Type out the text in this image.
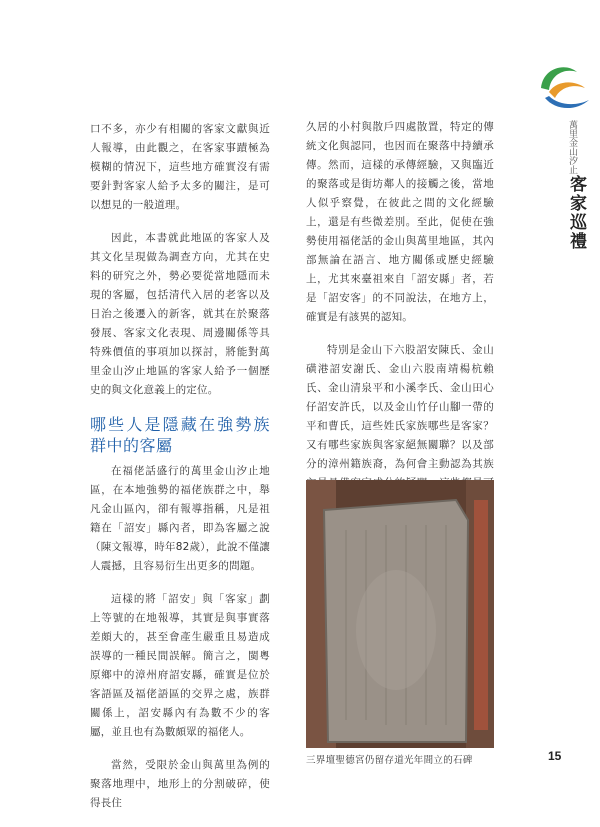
萬里金山汐止
客家巡禮

口不多，亦少有相關的客家文獻與近人報導，由此觀之，在客家事蹟極為模糊的情況下，這些地方確實沒有需要針對客家人給予太多的關注，是可以想見的一般道理。

因此，本書就此地區的客家人及其文化呈現做為調查方向，尤其在史料的研究之外，勢必要從當地隱而未現的客屬，包括清代入居的老客以及日治之後遷入的新客，就其在於聚落發展、客家文化表現、周邊關係等具特殊價值的事項加以探討，將能對萬里金山汐止地區的客家人給予一個歷史的與文化意義上的定位。

哪些人是隱藏在強勢族群中的客屬

在福佬話盛行的萬里金山汐止地區，在本地強勢的福佬族群之中，舉凡金山區內，卻有報導指稱，凡是祖籍在「詔安」縣內者，即為客屬之說（陳文報導，時年82歲），此說不僅讓人震撼，且容易衍生出更多的問題。

這樣的將「詔安」與「客家」劃上等號的在地報導，其實是與事實落差頗大的，甚至會產生嚴重且易造成誤導的一種民間誤解。簡言之，閩粵原鄉中的漳州府詔安縣，確實是位於客語區及福佬語區的交界之處，族群關係上，詔安縣內有為數不少的客屬，並且也有為數頗眾的福佬人。

當然，受限於金山與萬里為例的聚落地理中，地形上的分割破碎，使得長住

久居的小村與散戶四處散置，特定的傳統文化與認同，也因而在聚落中持續承傳。然而，這樣的承傳經驗，又與臨近的聚落或是街坊鄰人的接觸之後，當地人似乎察覺，在彼此之間的文化經驗上，還是有些微差別。至此，促使在強勢使用福佬話的金山與萬里地區，其內部無論在語言、地方關係或歷史經驗上，尤其來臺祖來自「詔安縣」者，若是「詔安客」的不同說法，在地方上，確實是有該異的認知。

特別是金山下六股詔安陳氏、金山磺港詔安謝氏、金山六股南靖楊杭賴氏、金山清泉平和小溪李氏、金山田心仔詔安許氏，以及金山竹仔山腳一帶的平和曹氏，這些姓氏家族哪些是客家？又有哪些家族與客家絕無關聯？以及部分的漳州籍族裔，為何會主動認為其族

三界壇聖德宮仍留存道光年間立的石碑	15
